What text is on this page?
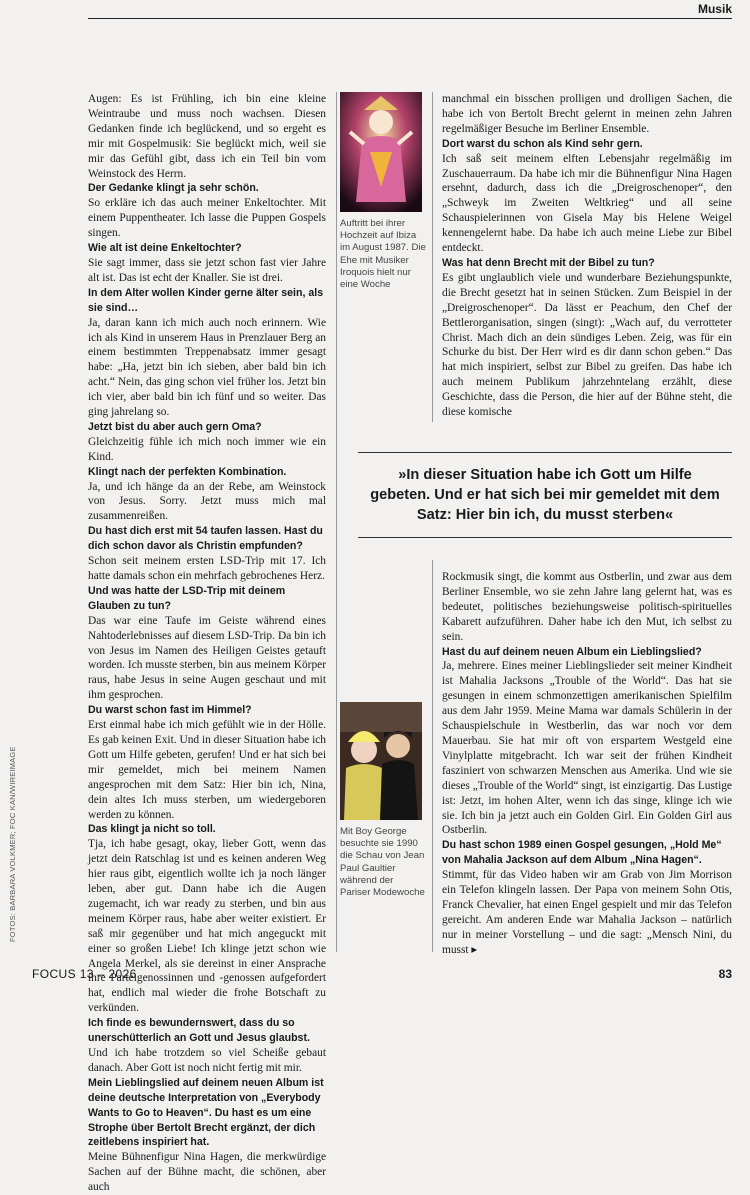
Musik

Augen: Es ist Frühling, ich bin eine kleine Weintraube und muss noch wachsen. Diesen Gedanken finde ich beglückend, und so ergeht es mir mit Gospelmusik: Sie beglückt mich, weil sie mir das Gefühl gibt, dass ich ein Teil bin vom Weinstock des Herrn.

Der Gedanke klingt ja sehr schön.

So erkläre ich das auch meiner Enkeltochter. Mit einem Puppentheater. Ich lasse die Puppen Gospels singen.

Wie alt ist deine Enkeltochter?

Sie sagt immer, dass sie jetzt schon fast vier Jahre alt ist. Das ist echt der Knaller. Sie ist drei.

In dem Alter wollen Kinder gerne älter sein, als sie sind…

Ja, daran kann ich mich auch noch erinnern. Wie ich als Kind in unserem Haus in Prenzlauer Berg an einem bestimmten Treppenabsatz immer gesagt habe: „Ha, jetzt bin ich sieben, aber bald bin ich acht.“ Nein, das ging schon viel früher los. Jetzt bin ich vier, aber bald bin ich fünf und so weiter. Das ging jahrelang so.

Jetzt bist du aber auch gern Oma?

Gleichzeitig fühle ich mich noch immer wie ein Kind.

Klingt nach der perfekten Kombination.

Ja, und ich hänge da an der Rebe, am Weinstock von Jesus. Sorry. Jetzt muss mich mal zusammenreißen.

Du hast dich erst mit 54 taufen lassen. Hast du dich schon davor als Christin empfunden?

Schon seit meinem ersten LSD-Trip mit 17. Ich hatte damals schon ein mehrfach gebrochenes Herz.

Und was hatte der LSD-Trip mit deinem Glauben zu tun?

Das war eine Taufe im Geiste während eines Nahtoderlebnisses auf diesem LSD-Trip. Da bin ich von Jesus im Namen des Heiligen Geistes getauft worden. Ich musste sterben, bin aus meinem Körper raus, habe Jesus in seine Augen geschaut und mit ihm gesprochen.

Du warst schon fast im Himmel?

Erst einmal habe ich mich gefühlt wie in der Hölle. Es gab keinen Exit. Und in dieser Situation habe ich Gott um Hilfe gebeten, gerufen! Und er hat sich bei mir gemeldet, mich bei meinem Namen angesprochen mit dem Satz: Hier bin ich, Nina, dein altes Ich muss sterben, um wiedergeboren werden zu können.

Das klingt ja nicht so toll.

Tja, ich habe gesagt, okay, lieber Gott, wenn das jetzt dein Ratschlag ist und es keinen anderen Weg hier raus gibt, eigentlich wollte ich ja noch länger leben, aber gut. Dann habe ich die Augen zugemacht, ich war ready zu sterben, und bin aus meinem Körper raus, habe aber weiter existiert. Er saß mir gegenüber und hat mich angeguckt mit einer so großen Liebe! Ich klinge jetzt schon wie Angela Merkel, als sie dereinst in einer Ansprache ihre Parteigenossinnen und -genossen aufgefordert hat, endlich mal wieder die frohe Botschaft zu verkünden.

Ich finde es bewundernswert, dass du so unerschütterlich an Gott und Jesus glaubst.

Und ich habe trotzdem so viel Scheiße gebaut danach. Aber Gott ist noch nicht fertig mit mir.

Mein Lieblingslied auf deinem neuen Album ist deine deutsche Interpretation von „Everybody Wants to Go to Heaven“. Du hast es um eine Strophe über Bertolt Brecht ergänzt, der dich zeitlebens inspiriert hat.

Meine Bühnenfigur Nina Hagen, die merkwürdige Sachen auf der Bühne macht, die schönen, aber auch

Auftritt bei ihrer Hochzeit auf Ibiza im August 1987. Die Ehe mit Musiker Iroquois hielt nur eine Woche
Mit Boy George besuchte sie 1990 die Schau von Jean Paul Gaultier während der Pariser Modewoche

manchmal ein bisschen prolligen und drolligen Sachen, die habe ich von Bertolt Brecht gelernt in meinen zehn Jahren regelmäßiger Besuche im Berliner Ensemble.

Dort warst du schon als Kind sehr gern.

Ich saß seit meinem elften Lebensjahr regelmäßig im Zuschauerraum. Da habe ich mir die Bühnenfigur Nina Hagen ersehnt, dadurch, dass ich die „Dreigroschenoper“, den „Schweyk im Zweiten Weltkrieg“ und all seine Schauspielerinnen von Gisela May bis Helene Weigel kennengelernt habe. Da habe ich auch meine Liebe zur Bibel entdeckt.

Was hat denn Brecht mit der Bibel zu tun?

Es gibt unglaublich viele und wunderbare Beziehungspunkte, die Brecht gesetzt hat in seinen Stücken. Zum Beispiel in der „Dreigroschenoper“. Da lässt er Peachum, den Chef der Bettlerorganisation, singen (singt): „Wach auf, du verrotteter Christ. Mach dich an dein sündiges Leben. Zeig, was für ein Schurke du bist. Der Herr wird es dir dann schon geben.“ Das hat mich inspiriert, selbst zur Bibel zu greifen. Das habe ich auch meinem Publikum jahrzehntelang erzählt, diese Geschichte, dass die Person, die hier auf der Bühne steht, die diese komische

»In dieser Situation habe ich Gott um Hilfe gebeten. Und er hat sich bei mir gemeldet mit dem Satz: Hier bin ich, du musst sterben«

Rockmusik singt, die kommt aus Ostberlin, und zwar aus dem Berliner Ensemble, wo sie zehn Jahre lang gelernt hat, was es bedeutet, politisches beziehungsweise politisch-spirituelles Kabarett aufzuführen. Daher habe ich den Mut, ich selbst zu sein.

Hast du auf deinem neuen Album ein Lieblingslied?

Ja, mehrere. Eines meiner Lieblingslieder seit meiner Kindheit ist Mahalia Jacksons „Trouble of the World“. Das hat sie gesungen in einem schmonzettigen amerikanischen Spielfilm aus dem Jahr 1959. Meine Mama war damals Schülerin in der Schauspielschule in Westberlin, das war noch vor dem Mauerbau. Sie hat mir oft von erspartem Westgeld eine Vinylplatte mitgebracht. Ich war seit der frühen Kindheit fasziniert von schwarzen Menschen aus Amerika. Und wie sie dieses „Trouble of the World“ singt, ist einzigartig. Das Lustige ist: Jetzt, im hohen Alter, wenn ich das singe, klinge ich wie sie. Ich bin ja jetzt auch ein Golden Girl. Ein Golden Girl aus Ostberlin.

Du hast schon 1989 einen Gospel gesungen, „Hold Me“ von Mahalia Jackson auf dem Album „Nina Hagen“.

Stimmt, für das Video haben wir am Grab von Jim Morrison ein Telefon klingeln lassen. Der Papa von meinem Sohn Otis, Franck Chevalier, hat einen Engel gespielt und mir das Telefon gereicht. Am anderen Ende war Mahalia Jackson – natürlich nur in meiner Vorstellung – und die sagt: „Mensch Nini, du musst ▸

FOTOS: BARBARA VOLKMER; FOC KAN/WIREIMAGE
FOCUS 13 – 2026	83
